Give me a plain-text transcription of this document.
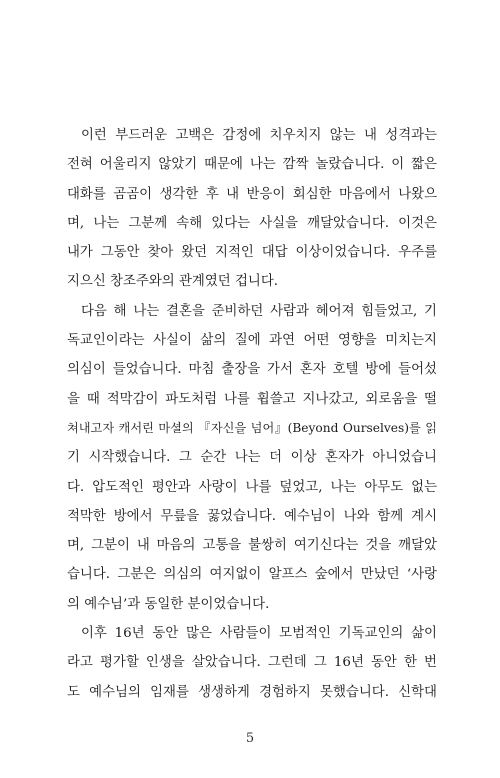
이런 부드러운 고백은 감정에 치우치지 않는 내 성격과는
전혀 어울리지 않았기 때문에 나는 깜짝 놀랐습니다. 이 짧은
대화를 곰곰이 생각한 후 내 반응이 회심한 마음에서 나왔으
며, 나는 그분께 속해 있다는 사실을 깨달았습니다. 이것은
내가 그동안 찾아 왔던 지적인 대답 이상이었습니다. 우주를
지으신 창조주와의 관계였던 겁니다.
다음 해 나는 결혼을 준비하던 사람과 헤어져 힘들었고, 기
독교인이라는 사실이 삶의 질에 과연 어떤 영향을 미치는지
의심이 들었습니다. 마침 출장을 가서 혼자 호텔 방에 들어섰
을 때 적막감이 파도처럼 나를 휩쓸고 지나갔고, 외로움을 떨
쳐내고자 캐서린 마셜의 『자신을 넘어』(Beyond Ourselves)를 읽
기 시작했습니다. 그 순간 나는 더 이상 혼자가 아니었습니
다. 압도적인 평안과 사랑이 나를 덮었고, 나는 아무도 없는
적막한 방에서 무릎을 꿇었습니다. 예수님이 나와 함께 계시
며, 그분이 내 마음의 고통을 불쌍히 여기신다는 것을 깨달았
습니다. 그분은 의심의 여지없이 알프스 숲에서 만났던 ‘사랑
의 예수님’과 동일한 분이었습니다.
이후 16년 동안 많은 사람들이 모범적인 기독교인의 삶이
라고 평가할 인생을 살았습니다. 그런데 그 16년 동안 한 번
도 예수님의 임재를 생생하게 경험하지 못했습니다. 신학대
5
